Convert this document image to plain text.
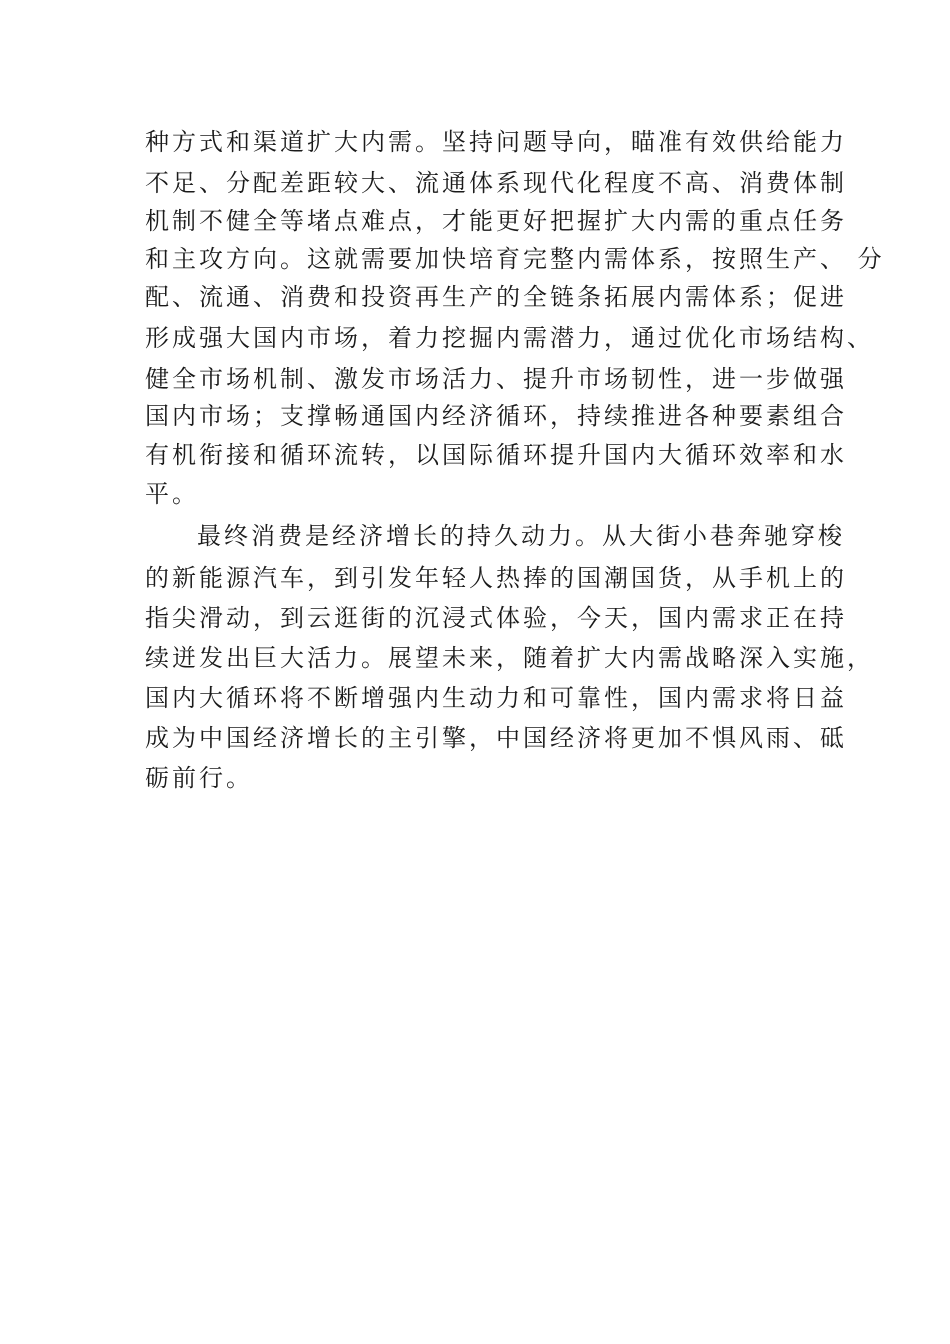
种方式和渠道扩大内需。坚持问题导向，瞄准有效供给能力
不足、分配差距较大、流通体系现代化程度不高、消费体制
机制不健全等堵点难点，才能更好把握扩大内需的重点任务
和主攻方向。这就需要加快培育完整内需体系，按照生产、 分
配、流通、消费和投资再生产的全链条拓展内需体系；促进
形成强大国内市场，着力挖掘内需潜力，通过优化市场结构、
健全市场机制、激发市场活力、提升市场韧性，进一步做强
国内市场；支撑畅通国内经济循环，持续推进各种要素组合
有机衔接和循环流转，以国际循环提升国内大循环效率和水
平。
最终消费是经济增长的持久动力。从大街小巷奔驰穿梭
的新能源汽车，到引发年轻人热捧的国潮国货，从手机上的
指尖滑动，到云逛街的沉浸式体验，今天，国内需求正在持
续迸发出巨大活力。展望未来，随着扩大内需战略深入实施，
国内大循环将不断增强内生动力和可靠性，国内需求将日益
成为中国经济增长的主引擎，中国经济将更加不惧风雨、砥
砺前行。
